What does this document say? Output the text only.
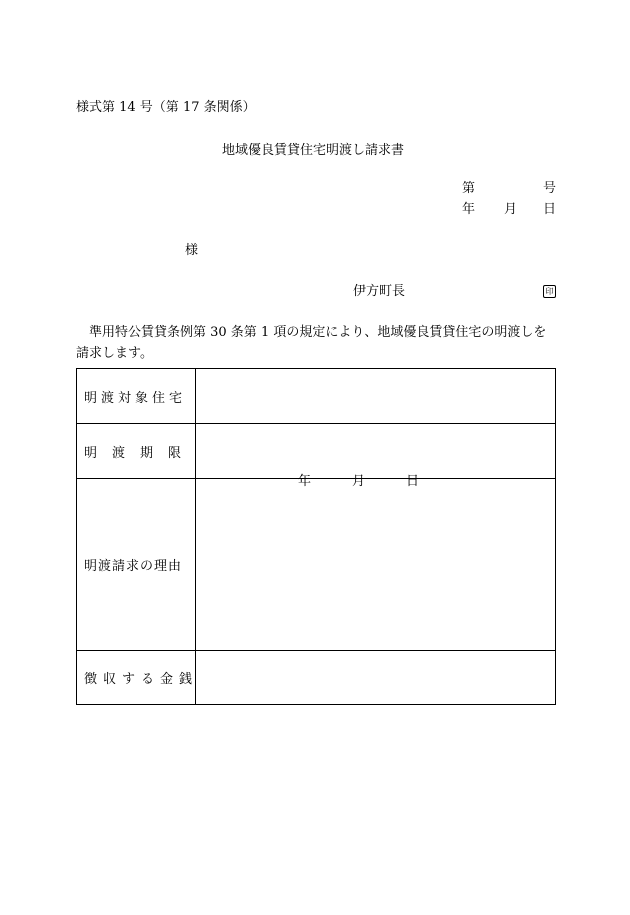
様式第 14 号（第 17 条関係）
地域優良賃貸住宅明渡し請求書
第	号
年 月 日
様
伊方町長	印
準用特公賃貸条例第 30 条第 1 項の規定により、地域優良賃貸住宅の明渡しを請求します。
明渡対象住宅	
明渡期限	年 月 日

明渡請求の理由	
徴収する金銭	
